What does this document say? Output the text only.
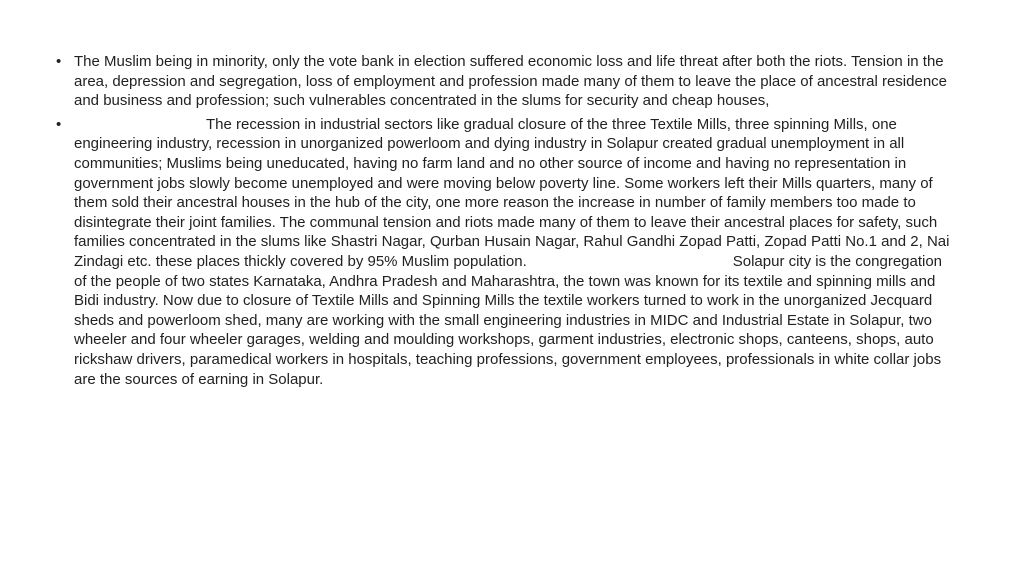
• The Muslim being in minority, only the vote bank in election suffered economic loss and life threat after both the riots. Tension in the area, depression and segregation, loss of employment and profession made many of them to leave the place of ancestral residence and business and profession; such vulnerables concentrated in the slums for security and cheap houses,
•	The recession in industrial sectors like gradual closure of the three Textile Mills, three spinning Mills, one engineering industry, recession in unorganized powerloom and dying industry in Solapur created gradual unemployment in all communities; Muslims being uneducated, having no farm land and no other source of income and having no representation in government jobs slowly become unemployed and were moving below poverty line. Some workers left their Mills quarters, many of them sold their ancestral houses in the hub of the city, one more reason the increase in number of family members too made to disintegrate their joint families. The communal tension and riots made many of them to leave their ancestral places for safety, such families concentrated in the slums like Shastri Nagar, Qurban Husain Nagar, Rahul Gandhi Zopad Patti, Zopad Patti No.1 and 2, Nai Zindagi etc. these places thickly covered by 95% Muslim population.	Solapur city is the congregation of the people of two states Karnataka, Andhra Pradesh and Maharashtra, the town was known for its textile and spinning mills and Bidi industry. Now due to closure of Textile Mills and Spinning Mills the textile workers turned to work in the unorganized Jecquard sheds and powerloom shed, many are working with the small engineering industries in MIDC and Industrial Estate in Solapur, two wheeler and four wheeler garages, welding and moulding workshops, garment industries, electronic shops, canteens, shops, auto rickshaw drivers, paramedical workers in hospitals, teaching professions, government employees, professionals in white collar jobs are the sources of earning in Solapur.
